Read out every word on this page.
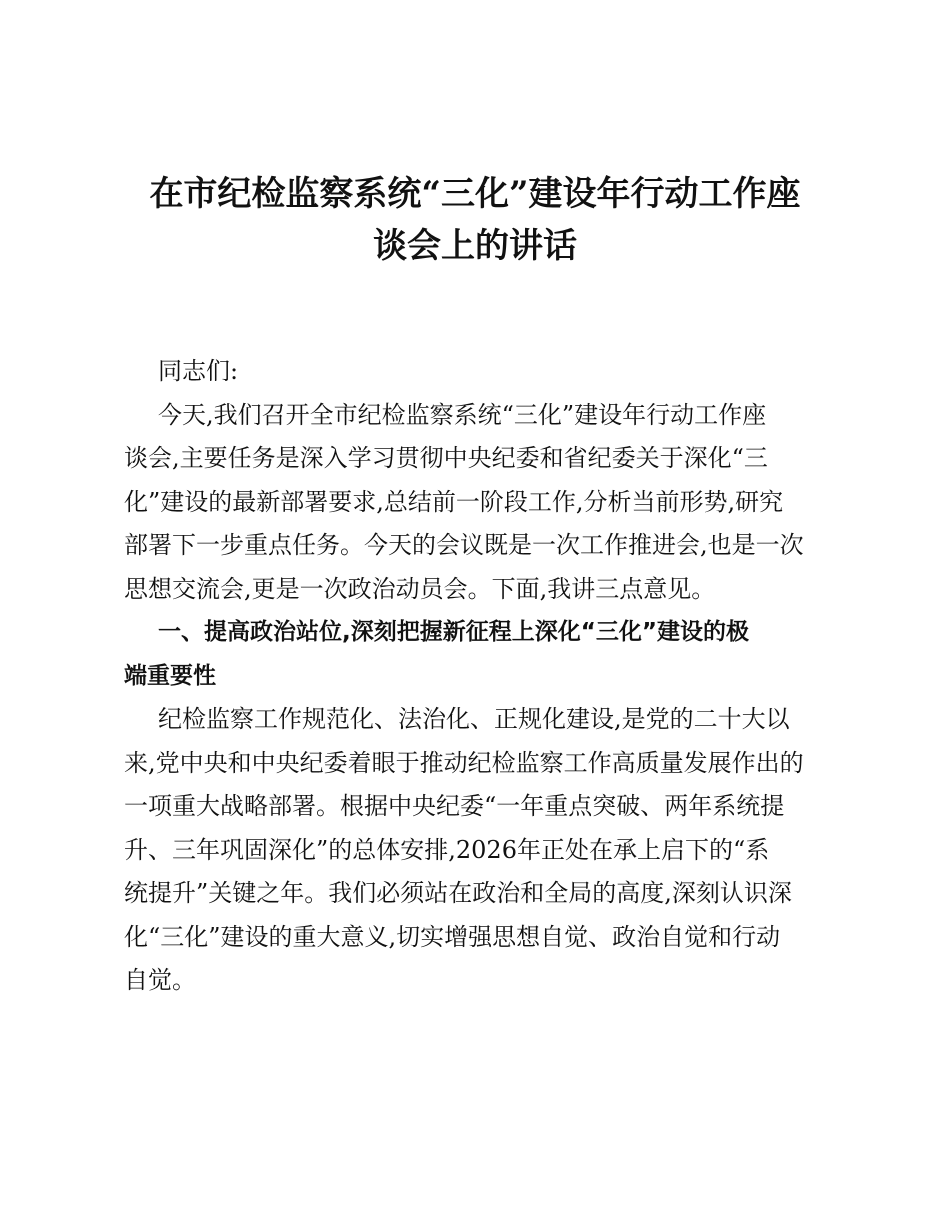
在市纪检监察系统“三化”建设年行动工作座
谈会上的讲话
同志们:
今天,我们召开全市纪检监察系统“三化”建设年行动工作座
谈会,主要任务是深入学习贯彻中央纪委和省纪委关于深化“三
化”建设的最新部署要求,总结前一阶段工作,分析当前形势,研究
部署下一步重点任务。今天的会议既是一次工作推进会,也是一次
思想交流会,更是一次政治动员会。下面,我讲三点意见。
一、提高政治站位,深刻把握新征程上深化“三化”建设的极
端重要性
纪检监察工作规范化、法治化、正规化建设,是党的二十大以
来,党中央和中央纪委着眼于推动纪检监察工作高质量发展作出的
一项重大战略部署。根据中央纪委“一年重点突破、两年系统提
升、三年巩固深化”的总体安排,2026年正处在承上启下的“系
统提升”关键之年。我们必须站在政治和全局的高度,深刻认识深
化“三化”建设的重大意义,切实增强思想自觉、政治自觉和行动
自觉。
